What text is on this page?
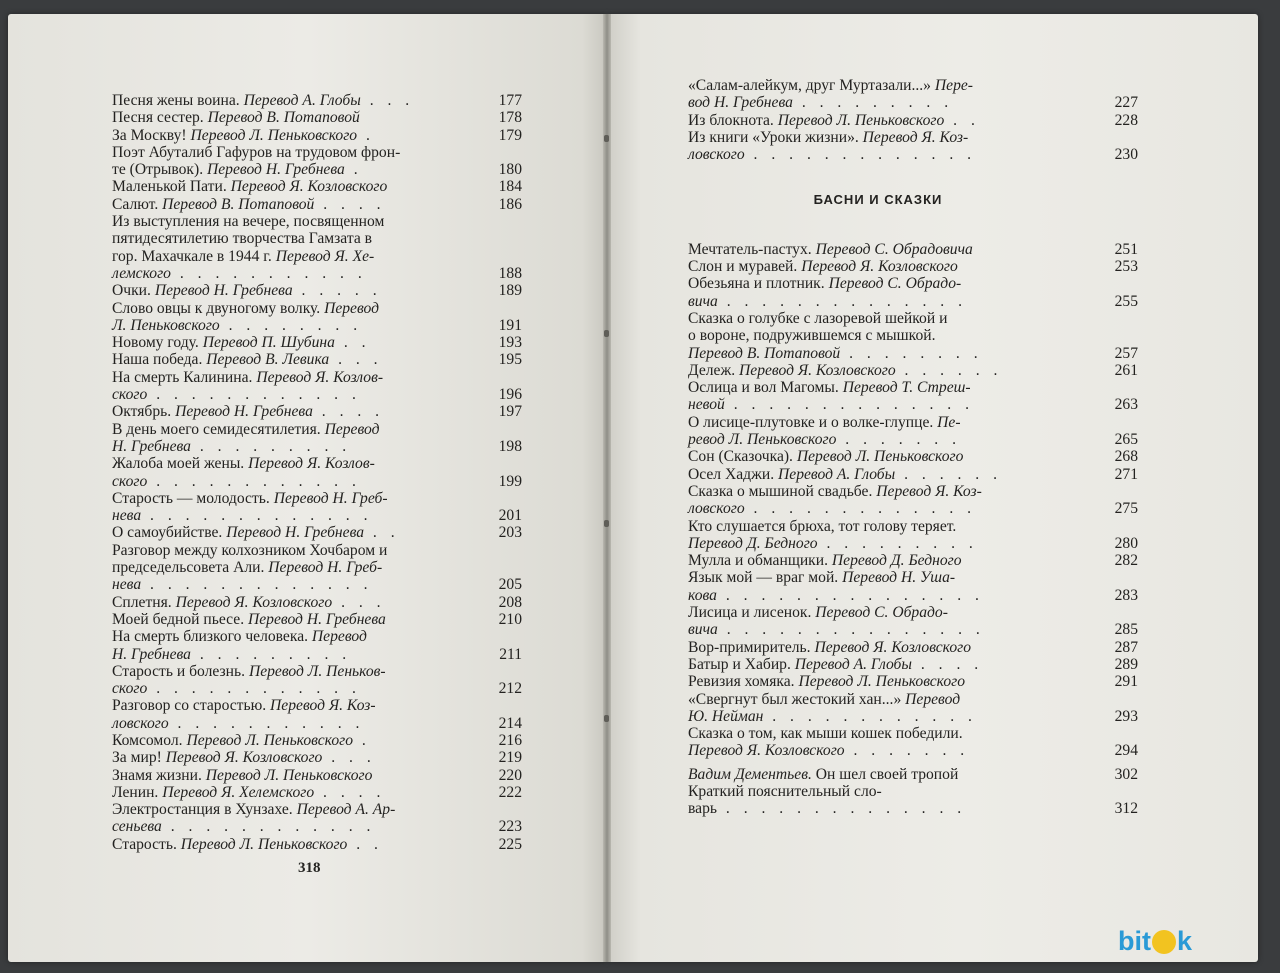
Песня жены воина. Перевод А. Глобы . . .	177
Песня сестер. Перевод В. Потаповой	178
За Москву! Перевод Л. Пеньковского .	179
Поэт Абуталиб Гафуров на трудовом фрон-
те (Отрывок). Перевод Н. Гребнева .	180
Маленькой Пати. Перевод Я. Козловского	184
Салют. Перевод В. Потаповой . . . .	186
Из выступления на вечере, посвященном
пятидесятилетию творчества Гамзата в
гор. Махачкале в 1944 г. Перевод Я. Хе-
лемского . . . . . . . . . . .	188
Очки. Перевод Н. Гребнева . . . . .	189
Слово овцы к двуногому волку. Перевод
Л. Пеньковского . . . . . . . .	191
Новому году. Перевод П. Шубина . .	193
Наша победа. Перевод В. Левика . . .	195
На смерть Калинина. Перевод Я. Козлов-
ского . . . . . . . . . . . .	196
Октябрь. Перевод Н. Гребнева . . . .	197
В день моего семидесятилетия. Перевод
Н. Гребнева . . . . . . . . .	198
Жалоба моей жены. Перевод Я. Козлов-
ского . . . . . . . . . . . .	199
Старость — молодость. Перевод Н. Греб-
нева . . . . . . . . . . . . .	201
О самоубийстве. Перевод Н. Гребнева . .	203
Разговор между колхозником Хочбаром и
председельсовета Али. Перевод Н. Греб-
нева . . . . . . . . . . . . .	205
Сплетня. Перевод Я. Козловского . . .	208
Моей бедной пьесе. Перевод Н. Гребнева	210
На смерть близкого человека. Перевод
Н. Гребнева . . . . . . . . .	211
Старость и болезнь. Перевод Л. Пеньков-
ского . . . . . . . . . . . .	212
Разговор со старостью. Перевод Я. Коз-
ловского . . . . . . . . . . .	214
Комсомол. Перевод Л. Пеньковского .	216
За мир! Перевод Я. Козловского . . .	219
Знамя жизни. Перевод Л. Пеньковского	220
Ленин. Перевод Я. Хелемского . . . .	222
Электростанция в Хунзахе. Перевод А. Ар-
сеньева . . . . . . . . . . . .	223
Старость. Перевод Л. Пеньковского . .	225
318
«Салам-алейкум, друг Муртазали...» Пере-
вод Н. Гребнева . . . . . . . . .	227
Из блокнота. Перевод Л. Пеньковского . .	228
Из книги «Уроки жизни». Перевод Я. Коз-
ловского . . . . . . . . . . . . .	230
БАСНИ И СКАЗКИ
Мечтатель-пастух. Перевод С. Обрадовича	251
Слон и муравей. Перевод Я. Козловского	253
Обезьяна и плотник. Перевод С. Обрадо-
вича . . . . . . . . . . . . . .	255
Сказка о голубке с лазоревой шейкой и
о вороне, подружившемся с мышкой.
Перевод В. Потаповой . . . . . . . .	257
Дележ. Перевод Я. Козловского . . . . . .	261
Ослица и вол Магомы. Перевод Т. Стреш-
невой . . . . . . . . . . . . . .	263
О лисице-плутовке и о волке-глупце. Пе-
ревод Л. Пеньковского . . . . . . .	265
Сон (Сказочка). Перевод Л. Пеньковского	268
Осел Хаджи. Перевод А. Глобы . . . . . .	271
Сказка о мышиной свадьбе. Перевод Я. Коз-
ловского . . . . . . . . . . . . .	275
Кто слушается брюха, тот голову теряет.
Перевод Д. Бедного . . . . . . . . .	280
Мулла и обманщики. Перевод Д. Бедного	282
Язык мой — враг мой. Перевод Н. Уша-
кова . . . . . . . . . . . . . . .	283
Лисица и лисенок. Перевод С. Обрадо-
вича . . . . . . . . . . . . . . .	285
Вор-примиритель. Перевод Я. Козловского	287
Батыр и Хабир. Перевод А. Глобы . . . .	289
Ревизия хомяка. Перевод Л. Пеньковского	291
«Свергнут был жестокий хан...» Перевод
Ю. Нейман . . . . . . . . . . . .	293
Сказка о том, как мыши кошек победили.
Перевод Я. Козловского . . . . . . .	294
Вадим Дементьев. Он шел своей тропой	302
Краткий пояснительный сло-
варь . . . . . . . . . . . . . .	312
bit k
